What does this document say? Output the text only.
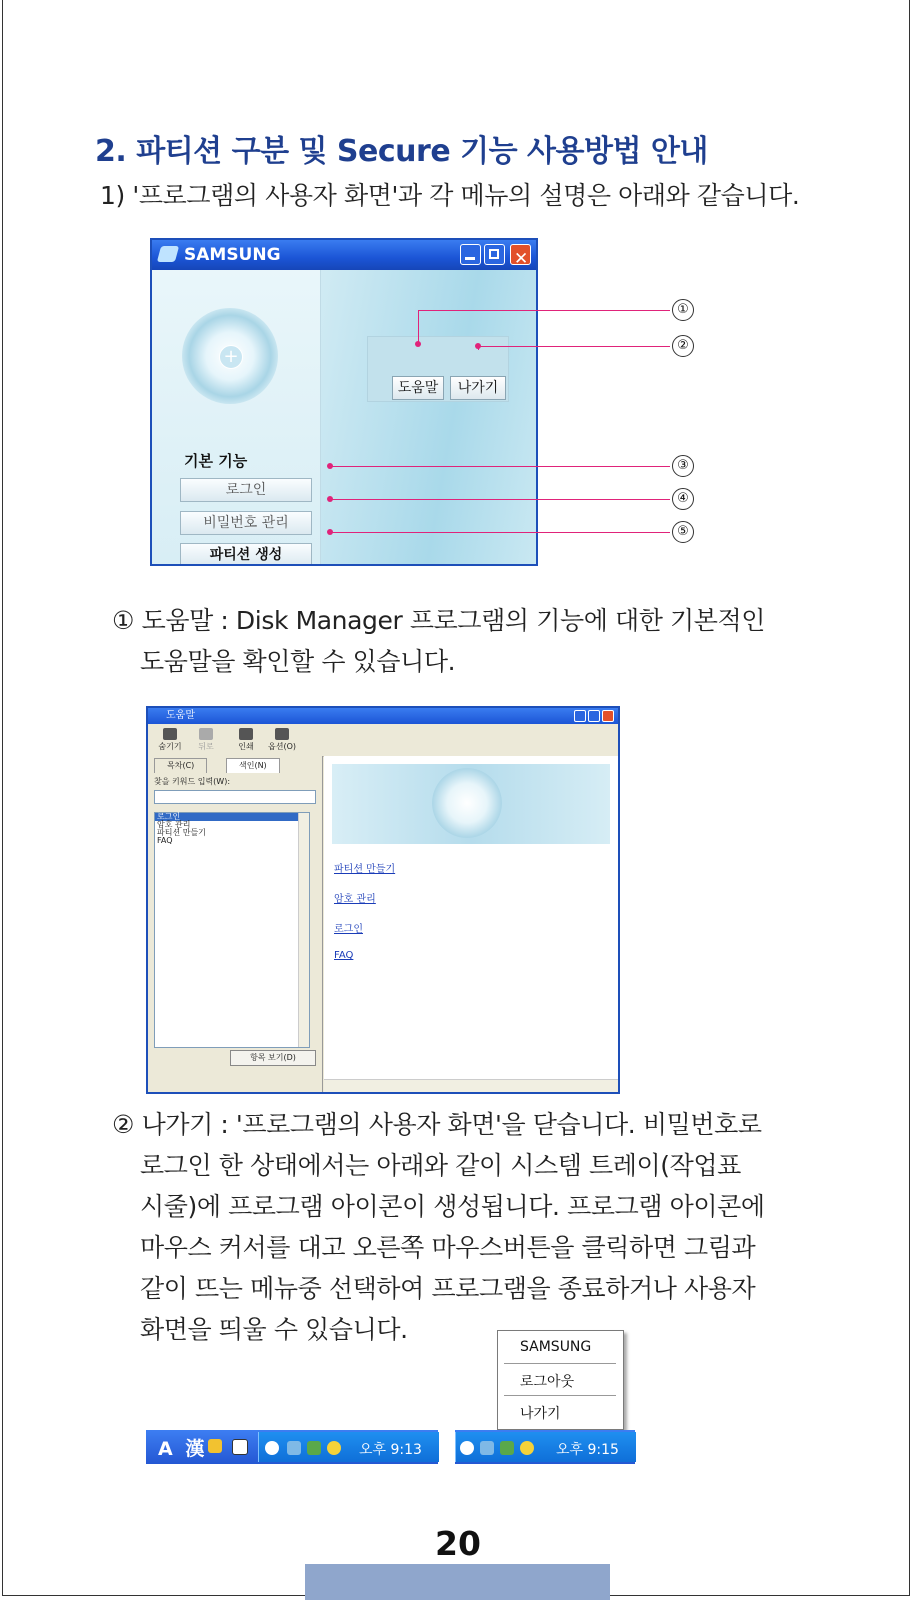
2. 파티션 구분 및 Secure 기능 사용방법 안내
1) '프로그램의 사용자 화면'과 각 메뉴의 설명은 아래와 같습니다.
SAMSUNG	✕
+
기본 기능
로그인
비밀번호 관리
파티션 생성
도움말	나가기
①
②
③
④
⑤
① 도움말 : Disk Manager 프로그램의 기능에 대한 기본적인
도움말을 확인할 수 있습니다.
도움말
숨기기	뒤로	인쇄	옵션(O)
목차(C)	색인(N)
찾을 키워드 입력(W):
로그인
암호 관리
파티션 만들기
FAQ
항목 보기(D)
파티션 만들기
암호 관리
로그인
FAQ
② 나가기 : '프로그램의 사용자 화면'을 닫습니다. 비밀번호로
로그인 한 상태에서는 아래와 같이 시스템 트레이(작업표
시줄)에 프로그램 아이콘이 생성됩니다. 프로그램 아이콘에
마우스 커서를 대고 오른쪽 마우스버튼을 클릭하면 그림과
같이 뜨는 메뉴중 선택하여 프로그램을 종료하거나 사용자
화면을 띄울 수 있습니다.
SAMSUNG
로그아웃
나가기
A 漢	오후 9:13	오후 9:15
20
